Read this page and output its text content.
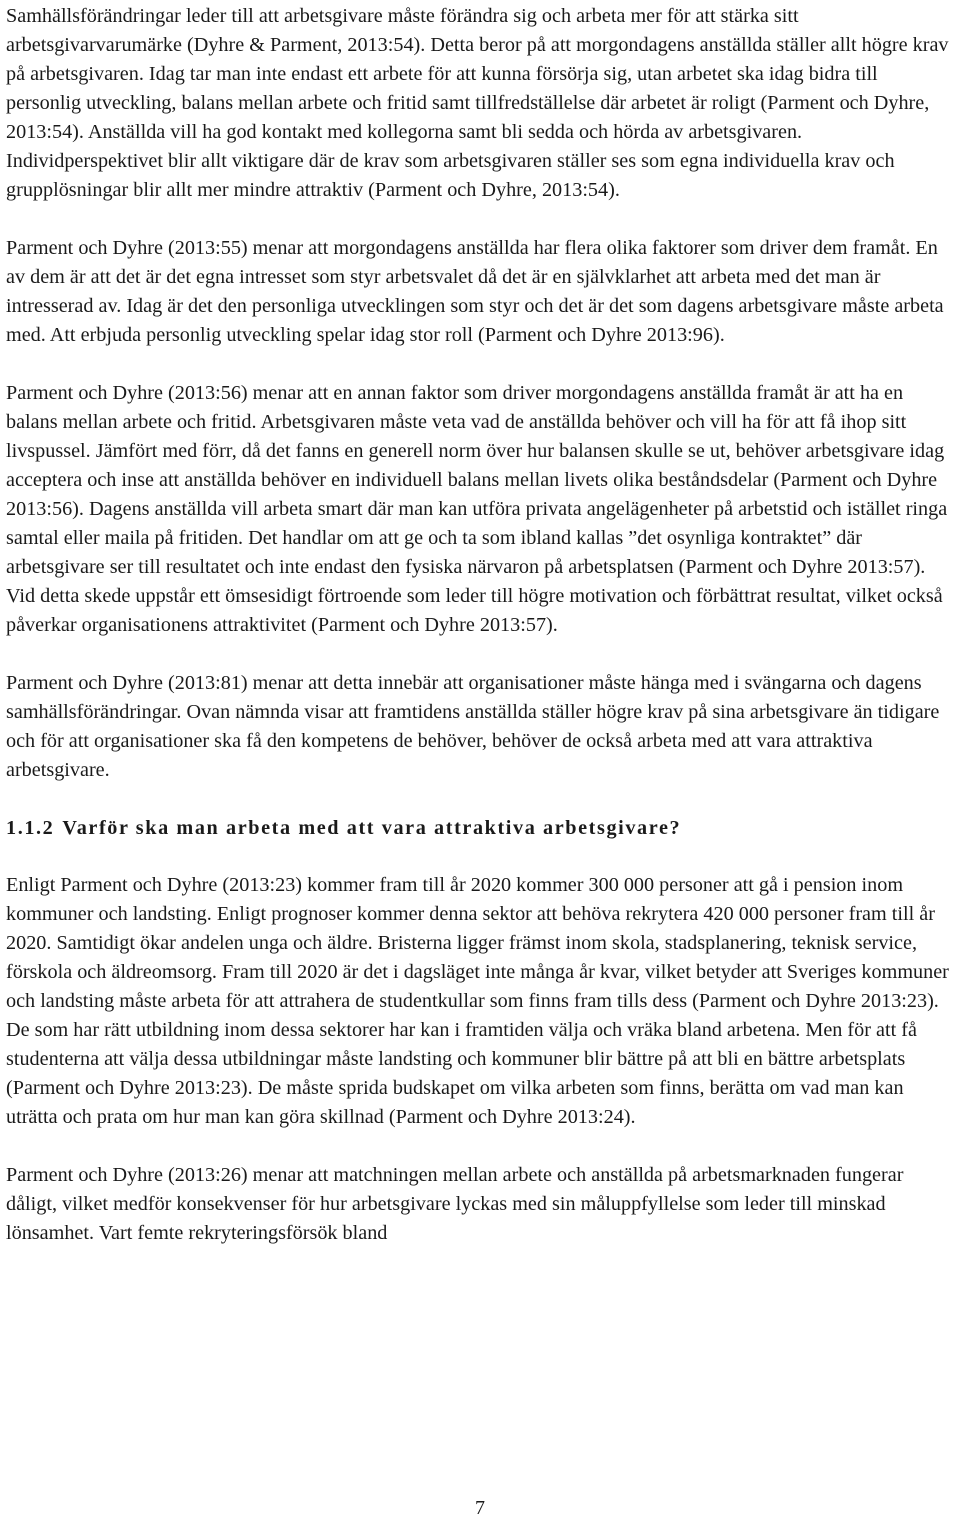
Samhällsförändringar leder till att arbetsgivare måste förändra sig och arbeta mer för att stärka sitt arbetsgivarvarumärke (Dyhre & Parment, 2013:54). Detta beror på att morgondagens anställda ställer allt högre krav på arbetsgivaren. Idag tar man inte endast ett arbete för att kunna försörja sig, utan arbetet ska idag bidra till personlig utveckling, balans mellan arbete och fritid samt tillfredställelse där arbetet är roligt (Parment och Dyhre, 2013:54). Anställda vill ha god kontakt med kollegorna samt bli sedda och hörda av arbetsgivaren. Individperspektivet blir allt viktigare där de krav som arbetsgivaren ställer ses som egna individuella krav och grupplösningar blir allt mer mindre attraktiv (Parment och Dyhre, 2013:54).

Parment och Dyhre (2013:55) menar att morgondagens anställda har flera olika faktorer som driver dem framåt. En av dem är att det är det egna intresset som styr arbetsvalet då det är en självklarhet att arbeta med det man är intresserad av. Idag är det den personliga utvecklingen som styr och det är det som dagens arbetsgivare måste arbeta med. Att erbjuda personlig utveckling spelar idag stor roll (Parment och Dyhre 2013:96).

Parment och Dyhre (2013:56) menar att en annan faktor som driver morgondagens anställda framåt är att ha en balans mellan arbete och fritid. Arbetsgivaren måste veta vad de anställda behöver och vill ha för att få ihop sitt livspussel. Jämfört med förr, då det fanns en generell norm över hur balansen skulle se ut, behöver arbetsgivare idag acceptera och inse att anställda behöver en individuell balans mellan livets olika beståndsdelar (Parment och Dyhre 2013:56). Dagens anställda vill arbeta smart där man kan utföra privata angelägenheter på arbetstid och istället ringa samtal eller maila på fritiden. Det handlar om att ge och ta som ibland kallas ”det osynliga kontraktet” där arbetsgivare ser till resultatet och inte endast den fysiska närvaron på arbetsplatsen (Parment och Dyhre 2013:57). Vid detta skede uppstår ett ömsesidigt förtroende som leder till högre motivation och förbättrat resultat, vilket också påverkar organisationens attraktivitet (Parment och Dyhre 2013:57).

Parment och Dyhre (2013:81) menar att detta innebär att organisationer måste hänga med i svängarna och dagens samhällsförändringar. Ovan nämnda visar att framtidens anställda ställer högre krav på sina arbetsgivare än tidigare och för att organisationer ska få den kompetens de behöver, behöver de också arbeta med att vara attraktiva arbetsgivare.

1.1.2 Varför ska man arbeta med att vara attraktiva arbetsgivare?

Enligt Parment och Dyhre (2013:23) kommer fram till år 2020 kommer 300 000 personer att gå i pension inom kommuner och landsting. Enligt prognoser kommer denna sektor att behöva rekrytera 420 000 personer fram till år 2020. Samtidigt ökar andelen unga och äldre. Bristerna ligger främst inom skola, stadsplanering, teknisk service, förskola och äldreomsorg. Fram till 2020 är det i dagsläget inte många år kvar, vilket betyder att Sveriges kommuner och landsting måste arbeta för att attrahera de studentkullar som finns fram tills dess (Parment och Dyhre 2013:23). De som har rätt utbildning inom dessa sektorer har kan i framtiden välja och vräka bland arbetena. Men för att få studenterna att välja dessa utbildningar måste landsting och kommuner blir bättre på att bli en bättre arbetsplats (Parment och Dyhre 2013:23). De måste sprida budskapet om vilka arbeten som finns, berätta om vad man kan uträtta och prata om hur man kan göra skillnad (Parment och Dyhre 2013:24).

Parment och Dyhre (2013:26) menar att matchningen mellan arbete och anställda på arbetsmarknaden fungerar dåligt, vilket medför konsekvenser för hur arbetsgivare lyckas med sin måluppfyllelse som leder till minskad lönsamhet. Vart femte rekryteringsförsök bland

7
